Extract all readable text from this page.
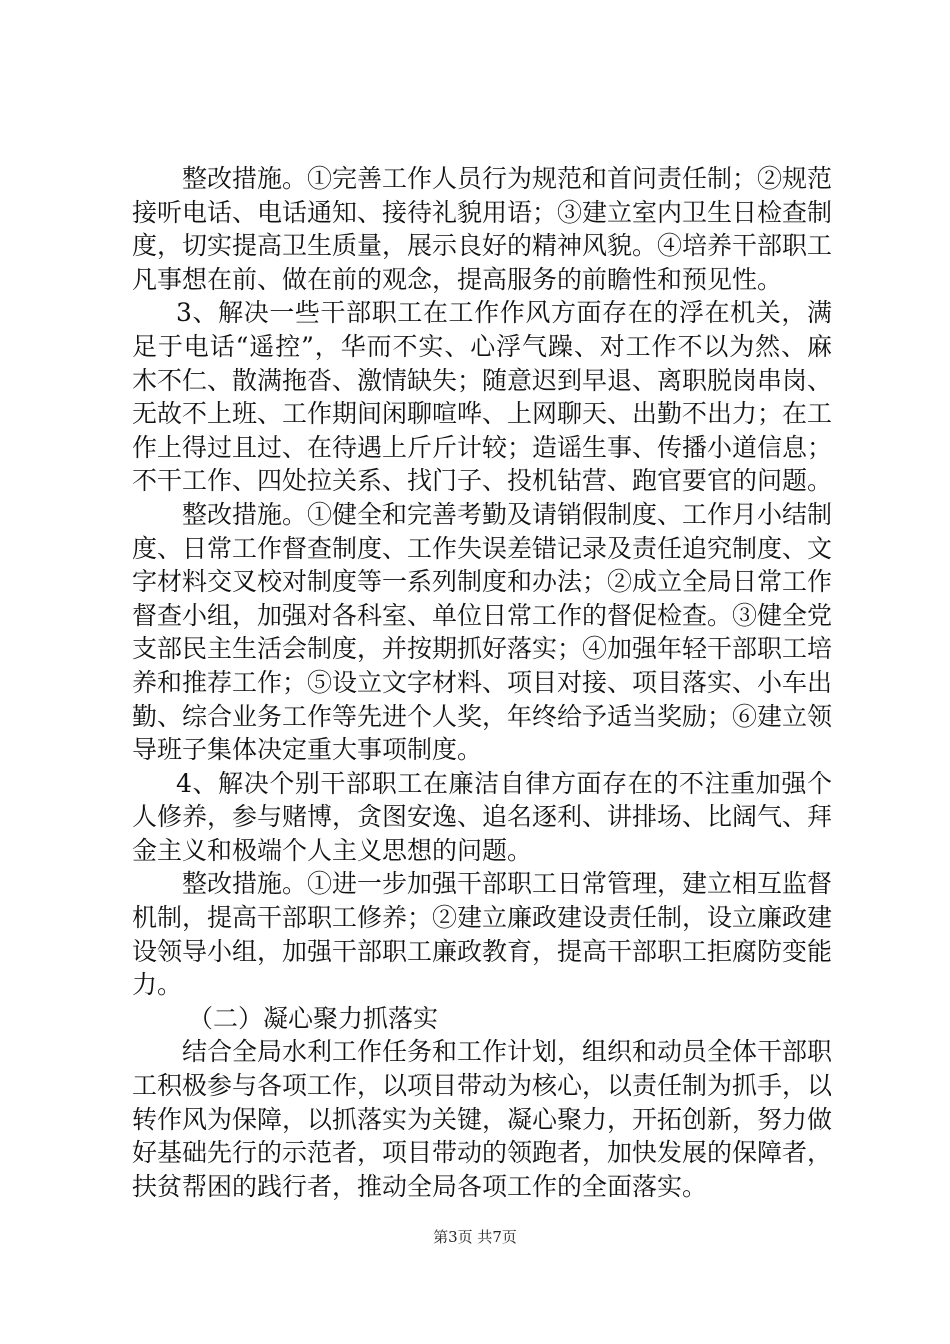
整改措施。①完善工作人员行为规范和首问责任制；②规范接听电话、电话通知、接待礼貌用语；③建立室内卫生日检查制度，切实提高卫生质量，展示良好的精神风貌。④培养干部职工凡事想在前、做在前的观念，提高服务的前瞻性和预见性。

3、解决一些干部职工在工作作风方面存在的浮在机关，满足于电话“遥控”，华而不实、心浮气躁、对工作不以为然、麻木不仁、散满拖沓、激情缺失；随意迟到早退、离职脱岗串岗、无故不上班、工作期间闲聊喧哗、上网聊天、出勤不出力；在工作上得过且过、在待遇上斤斤计较；造谣生事、传播小道信息；不干工作、四处拉关系、找门子、投机钻营、跑官要官的问题。

整改措施。①健全和完善考勤及请销假制度、工作月小结制度、日常工作督查制度、工作失误差错记录及责任追究制度、文字材料交叉校对制度等一系列制度和办法；②成立全局日常工作督查小组，加强对各科室、单位日常工作的督促检查。③健全党支部民主生活会制度，并按期抓好落实；④加强年轻干部职工培养和推荐工作；⑤设立文字材料、项目对接、项目落实、小车出勤、综合业务工作等先进个人奖，年终给予适当奖励；⑥建立领导班子集体决定重大事项制度。

4、解决个别干部职工在廉洁自律方面存在的不注重加强个人修养，参与赌博，贪图安逸、追名逐利、讲排场、比阔气、拜金主义和极端个人主义思想的问题。

整改措施。①进一步加强干部职工日常管理，建立相互监督机制，提高干部职工修养；②建立廉政建设责任制，设立廉政建设领导小组，加强干部职工廉政教育，提高干部职工拒腐防变能力。

（二）凝心聚力抓落实

结合全局水利工作任务和工作计划，组织和动员全体干部职工积极参与各项工作，以项目带动为核心，以责任制为抓手，以转作风为保障，以抓落实为关键，凝心聚力，开拓创新，努力做好基础先行的示范者，项目带动的领跑者，加快发展的保障者，扶贫帮困的践行者，推动全局各项工作的全面落实。

第3页 共7页
